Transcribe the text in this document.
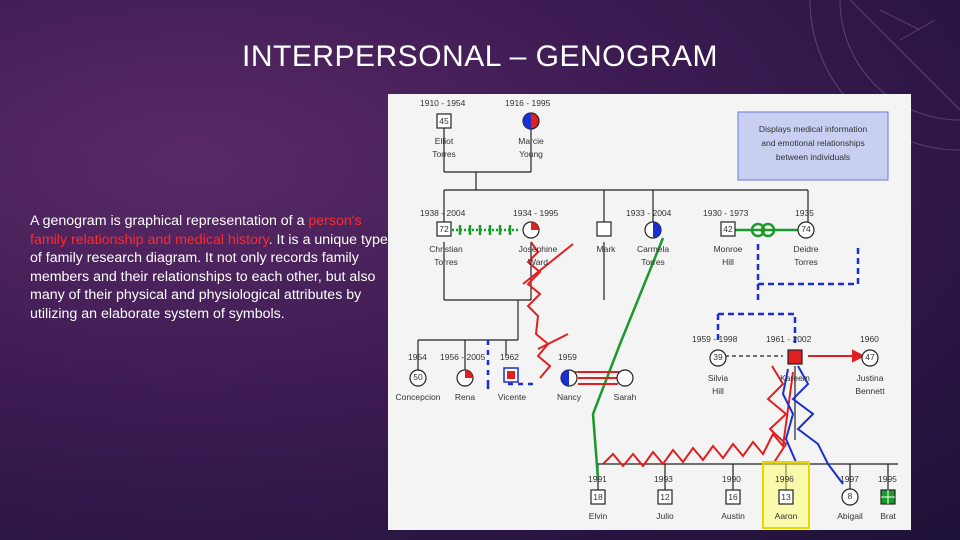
INTERPERSONAL – GENOGRAM
A genogram is graphical representation of a person's family relationship and medical history. It is a unique type of family research diagram. It not only records family members and their relationships to each other, but also many of their physical and physiological attributes by utilizing an elaborate system of symbols.
Displays medical information
and emotional relationships
between individuals
1910 - 1954
45
Elliot
Torres
1916 - 1995
Marcie
Young
1938 - 2004
72
Christian
Torres
1934 - 1995
Josephine
Ward
Mark
1933 - 2004
Carmela
Torres
1930 - 1973
42
Monroe
Hill
1935
74
Deidre
Torres
1954
50
Concepcion
1956 - 2005
Rena
1962
Vicente
1959
Nancy	Sarah
1959 - 1998
39
Silvia
Hill
1961 - 2002
Kareem
1960
47
Justina
Bennett
1991
18
Elvin
1993
12
Julio
1990
16
Austin
1996
13
Aaron
1997
8
Abigail
1995
Brat
